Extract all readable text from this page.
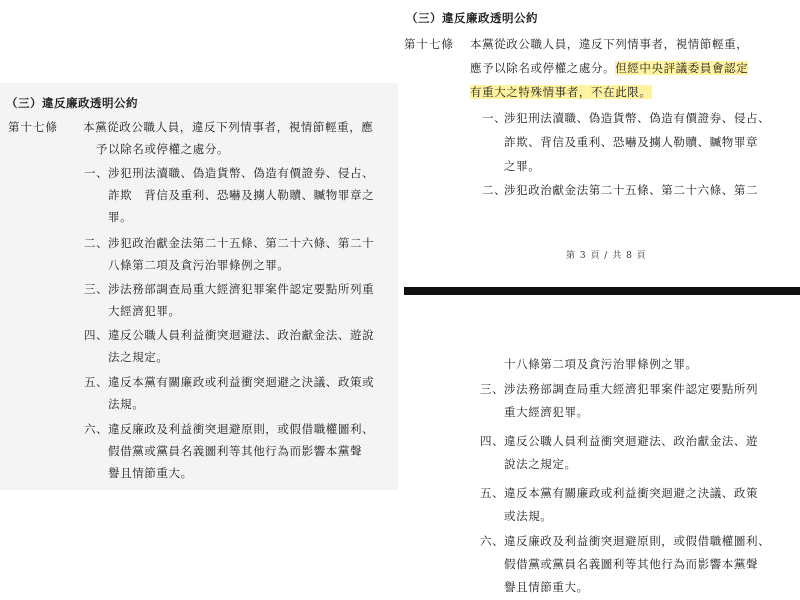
（三）違反廉政透明公約
第十七條 本黨從政公職人員，違反下列情事者，視情節輕重，應
予以除名或停權之處分。
一、 涉犯刑法瀆職、偽造貨幣、偽造有價證券、侵占、
詐欺　背信及重利、恐嚇及擄人勒贖、贓物罪章之
罪。
二、 涉犯政治獻金法第二十五條、第二十六條、第二十
八條第二項及貪污治罪條例之罪。
三、 涉法務部調查局重大經濟犯罪案件認定要點所列重
大經濟犯罪。
四、 違反公職人員利益衝突迴避法、政治獻金法、遊說
法之規定。
五、 違反本黨有關廉政或利益衝突迴避之決議、政策或
法規。
六、 違反廉政及利益衝突迴避原則，或假借職權圖利、
假借黨或黨員名義圖利等其他行為而影響本黨聲
譽且情節重大。
（三）違反廉政透明公約
第十七條 本黨從政公職人員，違反下列情事者，視情節輕重，
應予以除名或停權之處分。但經中央評議委員會認定
有重大之特殊情事者，不在此限。
一、
涉犯刑法瀆職、偽造貨幣、偽造有價證券、侵占、
詐欺、背信及重利、恐嚇及擄人勒贖、贓物罪章
之罪。
二、
涉犯政治獻金法第二十五條、第二十六條、第二
第 3 頁 / 共 8 頁
十八條第二項及貪污治罪條例之罪。
三、 涉法務部調查局重大經濟犯罪案件認定要點所列
重大經濟犯罪。
四、 違反公職人員利益衝突迴避法、政治獻金法、遊
說法之規定。
五、 違反本黨有關廉政或利益衝突迴避之決議、政策
或法規。
六、 違反廉政及利益衝突迴避原則，或假借職權圖利、
假借黨或黨員名義圖利等其他行為而影響本黨聲
譽且情節重大。
